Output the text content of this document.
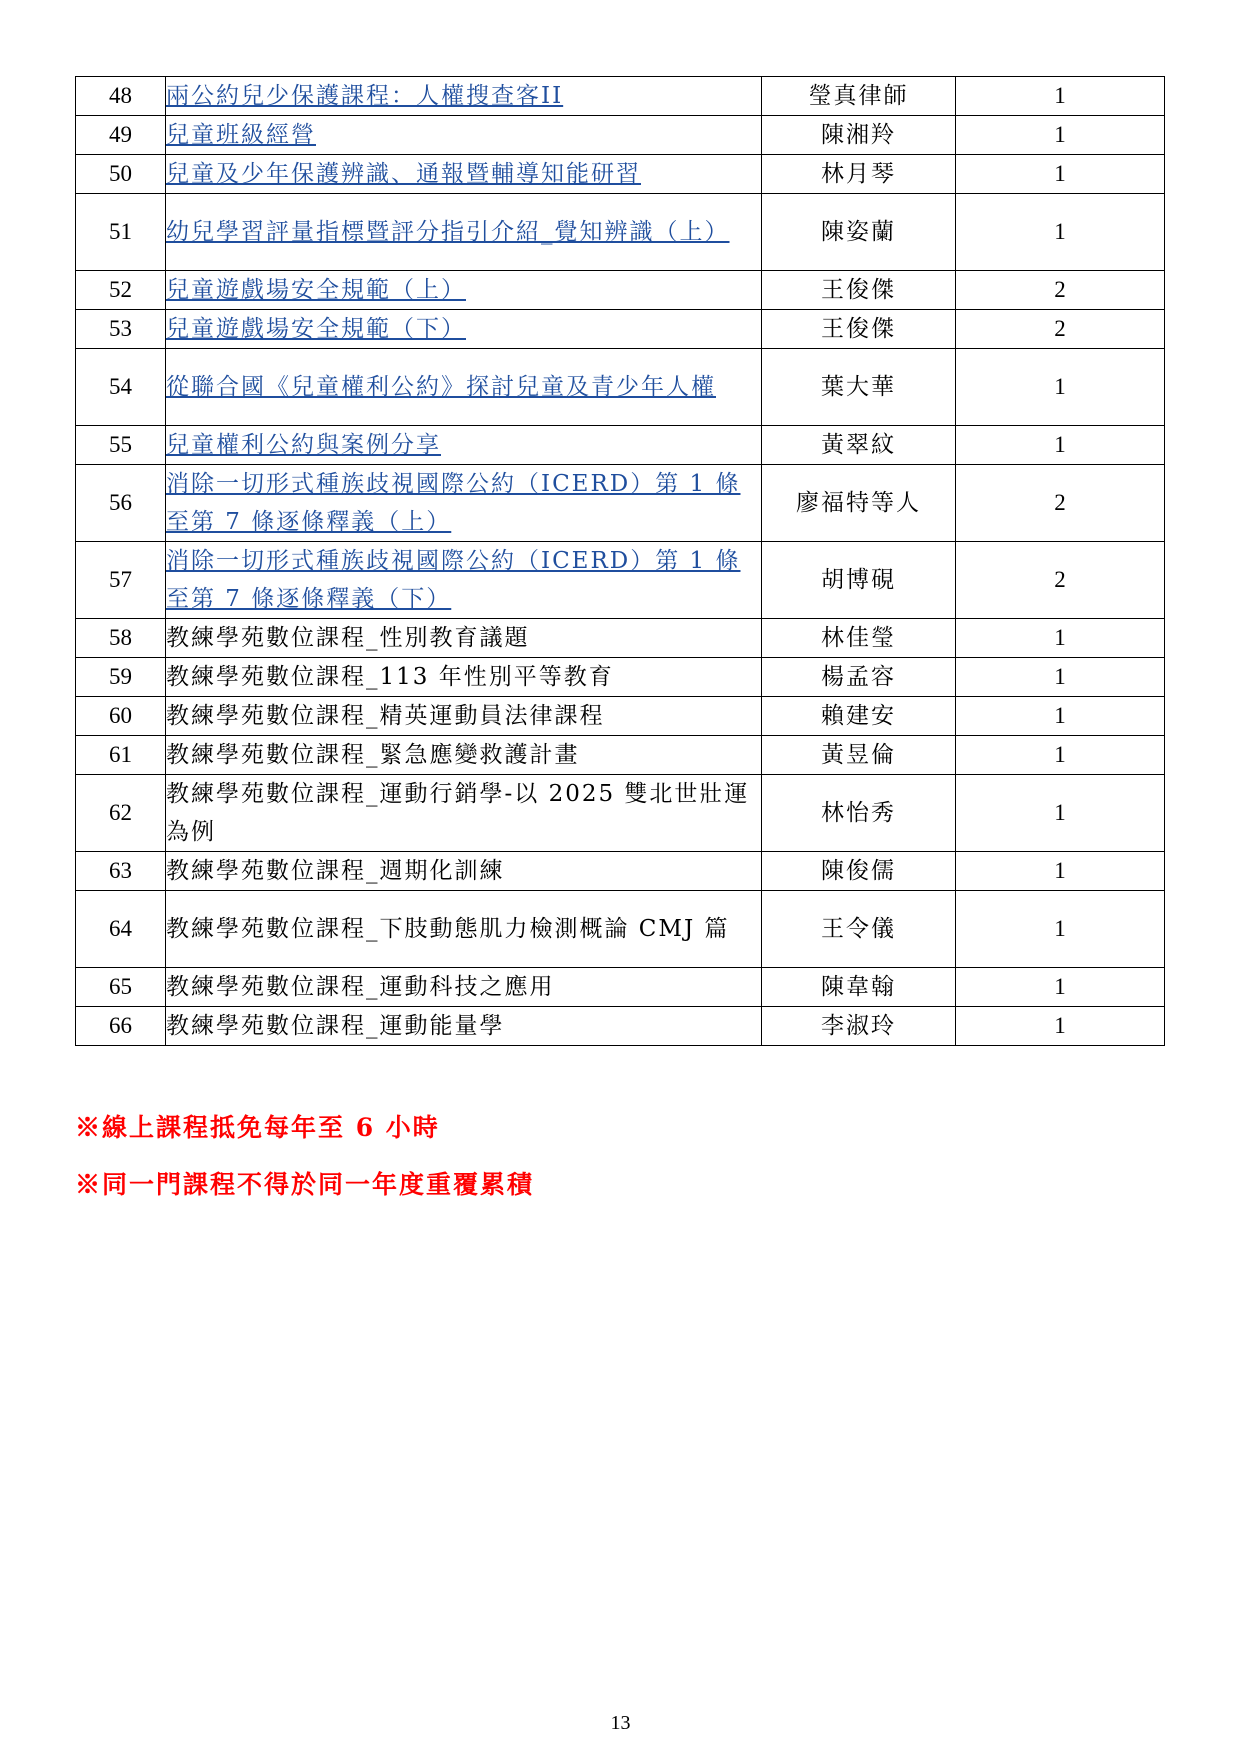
48	兩公約兒少保護課程：人權搜查客II	瑩真律師	1
49	兒童班級經營	陳湘羚	1
50	兒童及少年保護辨識、通報暨輔導知能研習	林月琴	1
51	幼兒學習評量指標暨評分指引介紹_覺知辨識（上）	陳姿蘭	1
52	兒童遊戲場安全規範（上）	王俊傑	2
53	兒童遊戲場安全規範（下）	王俊傑	2
54	從聯合國《兒童權利公約》探討兒童及青少年人權	葉大華	1
55	兒童權利公約與案例分享	黃翠紋	1
56	消除一切形式種族歧視國際公約（ICERD）第 1 條至第 7 條逐條釋義（上）	廖福特等人	2
57	消除一切形式種族歧視國際公約（ICERD）第 1 條至第 7 條逐條釋義（下）	胡博硯	2
58	教練學苑數位課程_性別教育議題	林佳瑩	1
59	教練學苑數位課程_113 年性別平等教育	楊孟容	1
60	教練學苑數位課程_精英運動員法律課程	賴建安	1
61	教練學苑數位課程_緊急應變救護計畫	黃昱倫	1
62	教練學苑數位課程_運動行銷學-以 2025 雙北世壯運為例	林怡秀	1
63	教練學苑數位課程_週期化訓練	陳俊儒	1
64	教練學苑數位課程_下肢動態肌力檢測概論 CMJ 篇	王令儀	1
65	教練學苑數位課程_運動科技之應用	陳韋翰	1
66	教練學苑數位課程_運動能量學	李淑玲	1
※線上課程抵免每年至 6 小時
※同一門課程不得於同一年度重覆累積
13
